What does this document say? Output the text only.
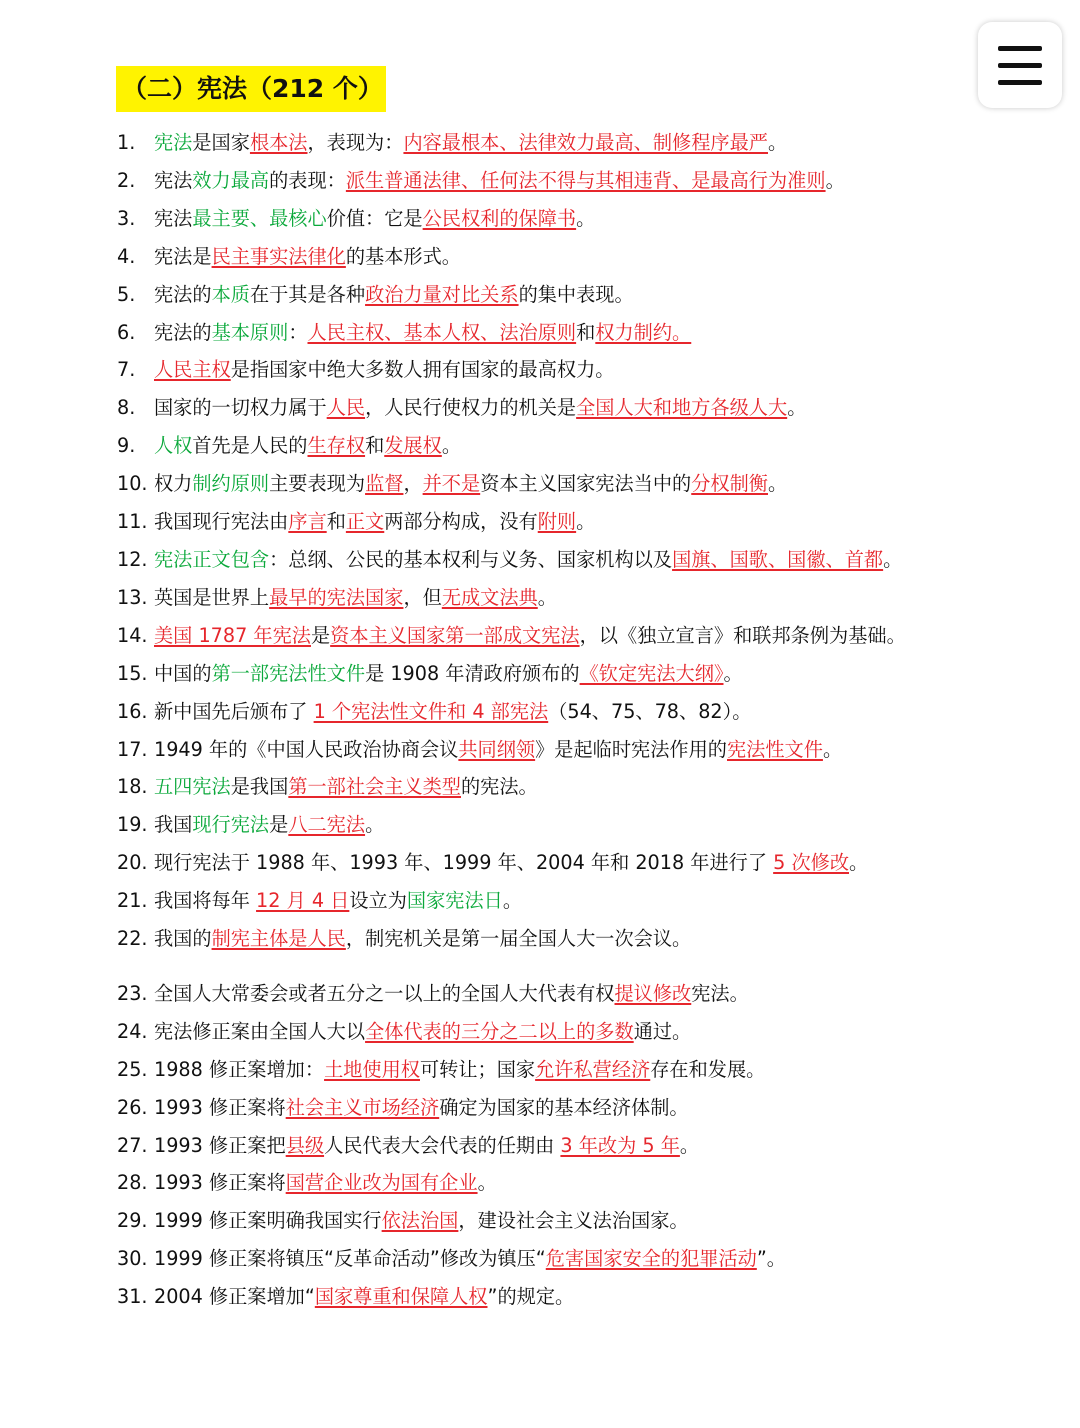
（二）宪法（212 个）
1. 宪法是国家根本法，表现为：内容最根本、法律效力最高、制修程序最严。
2. 宪法效力最高的表现：派生普通法律、任何法不得与其相违背、是最高行为准则。
3. 宪法最主要、最核心价值：它是公民权利的保障书。
4. 宪法是民主事实法律化的基本形式。
5. 宪法的本质在于其是各种政治力量对比关系的集中表现。
6. 宪法的基本原则：人民主权、基本人权、法治原则和权力制约。
7. 人民主权是指国家中绝大多数人拥有国家的最高权力。
8. 国家的一切权力属于人民，人民行使权力的机关是全国人大和地方各级人大。
9. 人权首先是人民的生存权和发展权。
10. 权力制约原则主要表现为监督，并不是资本主义国家宪法当中的分权制衡。
11. 我国现行宪法由序言和正文两部分构成，没有附则。
12. 宪法正文包含：总纲、公民的基本权利与义务、国家机构以及国旗、国歌、国徽、首都。
13. 英国是世界上最早的宪法国家，但无成文法典。
14. 美国 1787 年宪法是资本主义国家第一部成文宪法，以《独立宣言》和联邦条例为基础。
15. 中国的第一部宪法性文件是 1908 年清政府颁布的《钦定宪法大纲》。
16. 新中国先后颁布了 1 个宪法性文件和 4 部宪法（54、75、78、82）。
17. 1949 年的《中国人民政治协商会议共同纲领》是起临时宪法作用的宪法性文件。
18. 五四宪法是我国第一部社会主义类型的宪法。
19. 我国现行宪法是八二宪法。
20. 现行宪法于 1988 年、1993 年、1999 年、2004 年和 2018 年进行了 5 次修改。
21. 我国将每年 12 月 4 日设立为国家宪法日。
22. 我国的制宪主体是人民，制宪机关是第一届全国人大一次会议。
23. 全国人大常委会或者五分之一以上的全国人大代表有权提议修改宪法。
24. 宪法修正案由全国人大以全体代表的三分之二以上的多数通过。
25. 1988 修正案增加：土地使用权可转让；国家允许私营经济存在和发展。
26. 1993 修正案将社会主义市场经济确定为国家的基本经济体制。
27. 1993 修正案把县级人民代表大会代表的任期由 3 年改为 5 年。
28. 1993 修正案将国营企业改为国有企业。
29. 1999 修正案明确我国实行依法治国，建设社会主义法治国家。
30. 1999 修正案将镇压“反革命活动”修改为镇压“危害国家安全的犯罪活动”。
31. 2004 修正案增加“国家尊重和保障人权”的规定。
